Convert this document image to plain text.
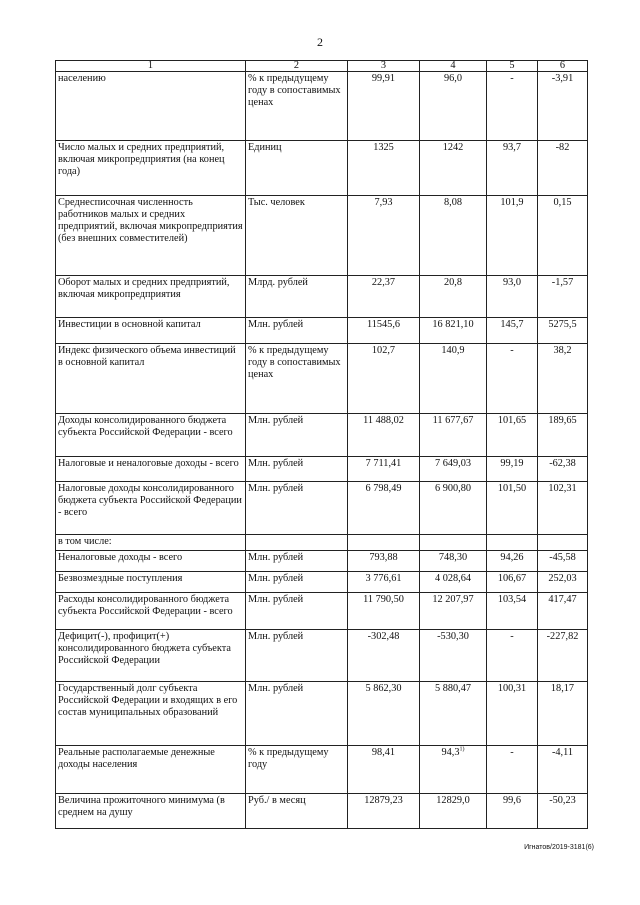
2
1	2	3	4	5	6
населению	% к предыдущему году в сопоставимых ценах	99,91	96,0	-	-3,91
Число малых и средних предприятий, включая микропредприятия (на конец года)	Единиц	1325	1242	93,7	-82
Среднесписочная численность работников малых и средних предприятий, включая микропредприятия (без внешних совместителей)	Тыс. человек	7,93	8,08	101,9	0,15
Оборот малых и средних предприятий, включая микропредприятия	Млрд. рублей	22,37	20,8	93,0	-1,57
Инвестиции в основной капитал	Млн. рублей	11545,6	16 821,10	145,7	5275,5
Индекс физического объема инвестиций в основной капитал	% к предыдущему году в сопоставимых ценах	102,7	140,9	-	38,2
Доходы консолидированного бюджета субъекта Российской Федерации - всего	Млн. рублей	11 488,02	11 677,67	101,65	189,65
Налоговые и неналоговые доходы - всего	Млн. рублей	7 711,41	7 649,03	99,19	-62,38
Налоговые доходы консолидированного бюджета субъекта Российской Федерации - всего	Млн. рублей	6 798,49	6 900,80	101,50	102,31
в том числе:					
Неналоговые доходы - всего	Млн. рублей	793,88	748,30	94,26	-45,58
Безвозмездные поступления	Млн. рублей	3 776,61	4 028,64	106,67	252,03
Расходы консолидированного бюджета субъекта Российской Федерации - всего	Млн. рублей	11 790,50	12 207,97	103,54	417,47
Дефицит(-), профицит(+) консолидированного бюджета субъекта Российской Федерации	Млн. рублей	-302,48	-530,30	-	-227,82
Государственный долг субъекта Российской Федерации и входящих в его состав муниципальных образований	Млн. рублей	5 862,30	5 880,47	100,31	18,17
Реальные располагаемые денежные доходы населения	% к предыдущему году	98,41	94,3$^{1)}$	-	-4,11
Величина прожиточного минимума (в среднем на душу	Руб./ в месяц	12879,23	12829,0	99,6	-50,23
Игнатов/2019-3181(6)
